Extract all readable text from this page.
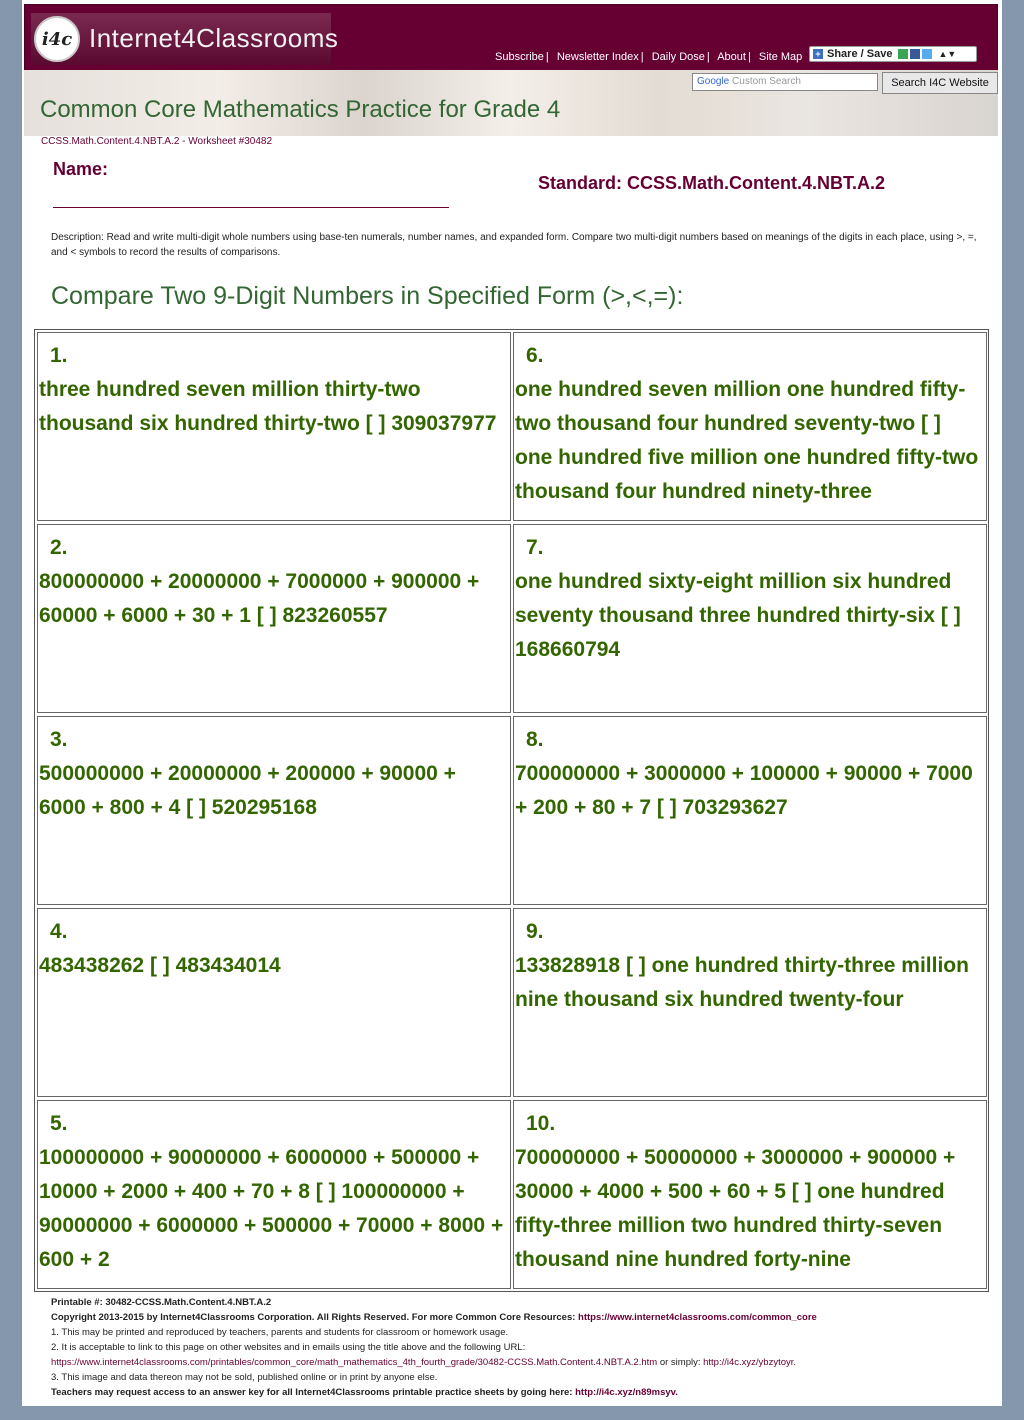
i4c Internet4Classrooms
Subscribe | Newsletter Index | Daily Dose | About | Site Map + Share / Save	▲▼
Google Custom Search	Search I4C Website
Common Core Mathematics Practice for Grade 4
CCSS.Math.Content.4.NBT.A.2 - Worksheet #30482
Name:
Standard: CCSS.Math.Content.4.NBT.A.2
Description: Read and write multi-digit whole numbers using base-ten numerals, number names, and expanded form. Compare two multi-digit numbers based on meanings of the digits in each place, using >, =, and < symbols to record the results of comparisons.
Compare Two 9-Digit Numbers in Specified Form (>,<,=):
1.
three hundred seven million thirty-two thousand six hundred thirty-two [ ] 309037977
6.
one hundred seven million one hundred fifty-two thousand four hundred seventy-two [ ] one hundred five million one hundred fifty-two thousand four hundred ninety-three
2.
800000000 + 20000000 + 7000000 + 900000 + 60000 + 6000 + 30 + 1 [ ] 823260557
7.
one hundred sixty-eight million six hundred seventy thousand three hundred thirty-six [ ] 168660794
3.
500000000 + 20000000 + 200000 + 90000 + 6000 + 800 + 4 [ ] 520295168
8.
700000000 + 3000000 + 100000 + 90000 + 7000 + 200 + 80 + 7 [ ] 703293627
4.
483438262 [ ] 483434014
9.
133828918 [ ] one hundred thirty-three million nine thousand six hundred twenty-four
5.
100000000 + 90000000 + 6000000 + 500000 + 10000 + 2000 + 400 + 70 + 8 [ ] 100000000 + 90000000 + 6000000 + 500000 + 70000 + 8000 + 600 + 2
10.
700000000 + 50000000 + 3000000 + 900000 + 30000 + 4000 + 500 + 60 + 5 [ ] one hundred fifty-three million two hundred thirty-seven thousand nine hundred forty-nine
Printable #: 30482-CCSS.Math.Content.4.NBT.A.2
Copyright 2013-2015 by Internet4Classrooms Corporation. All Rights Reserved. For more Common Core Resources: https://www.internet4classrooms.com/common_core
1. This may be printed and reproduced by teachers, parents and students for classroom or homework usage.
2. It is acceptable to link to this page on other websites and in emails using the title above and the following URL:
https://www.internet4classrooms.com/printables/common_core/math_mathematics_4th_fourth_grade/30482-CCSS.Math.Content.4.NBT.A.2.htm or simply: http://i4c.xyz/ybzytoyr.
3. This image and data thereon may not be sold, published online or in print by anyone else.
Teachers may request access to an answer key for all Internet4Classrooms printable practice sheets by going here: http://i4c.xyz/n89msyv.
